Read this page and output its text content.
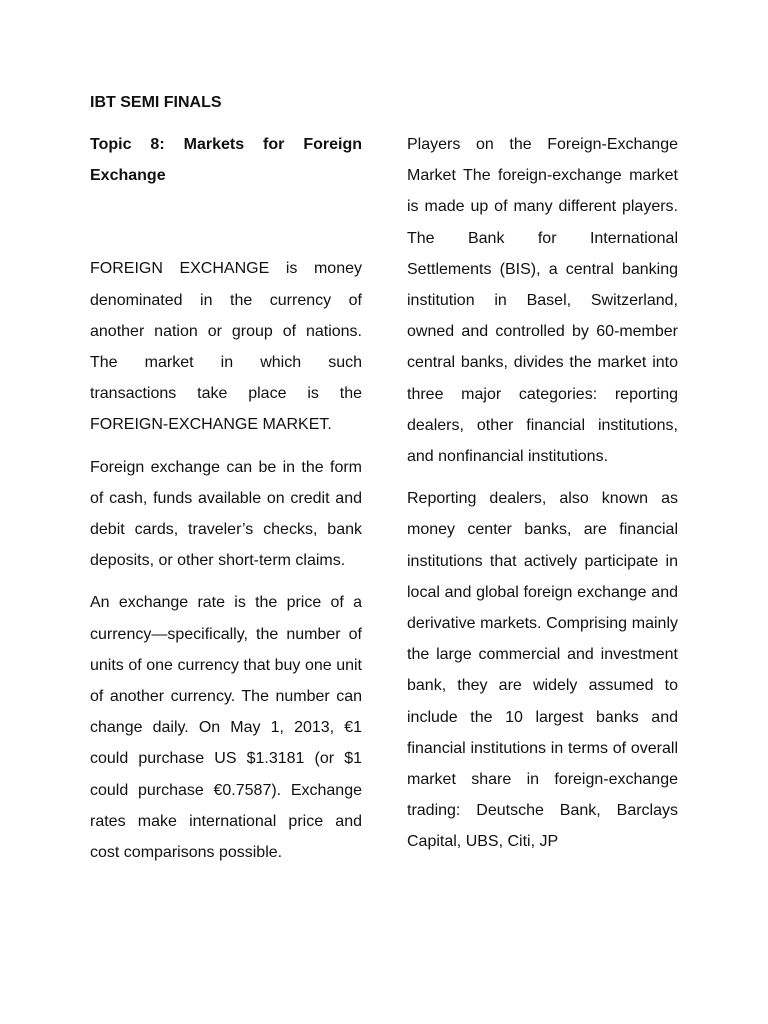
IBT SEMI FINALS
Topic 8: Markets for Foreign Exchange

FOREIGN EXCHANGE is money denominated in the currency of another nation or group of nations. The market in which such transactions take place is the FOREIGN-EXCHANGE MARKET.

Foreign exchange can be in the form of cash, funds available on credit and debit cards, traveler’s checks, bank deposits, or other short-term claims.

An exchange rate is the price of a currency—specifically, the number of units of one currency that buy one unit of another currency. The number can change daily. On May 1, 2013, €1 could purchase US $1.3181 (or $1 could purchase €0.7587). Exchange rates make international price and cost comparisons possible.

Players on the Foreign-Exchange Market The foreign-exchange market is made up of many different players. The Bank for International Settlements (BIS), a central banking institution in Basel, Switzerland, owned and controlled by 60-member central banks, divides the market into three major categories: reporting dealers, other financial institutions, and nonfinancial institutions.

Reporting dealers, also known as money center banks, are financial institutions that actively participate in local and global foreign exchange and derivative markets. Comprising mainly the large commercial and investment bank, they are widely assumed to include the 10 largest banks and financial institutions in terms of overall market share in foreign-exchange trading: Deutsche Bank, Barclays Capital, UBS, Citi, JP
